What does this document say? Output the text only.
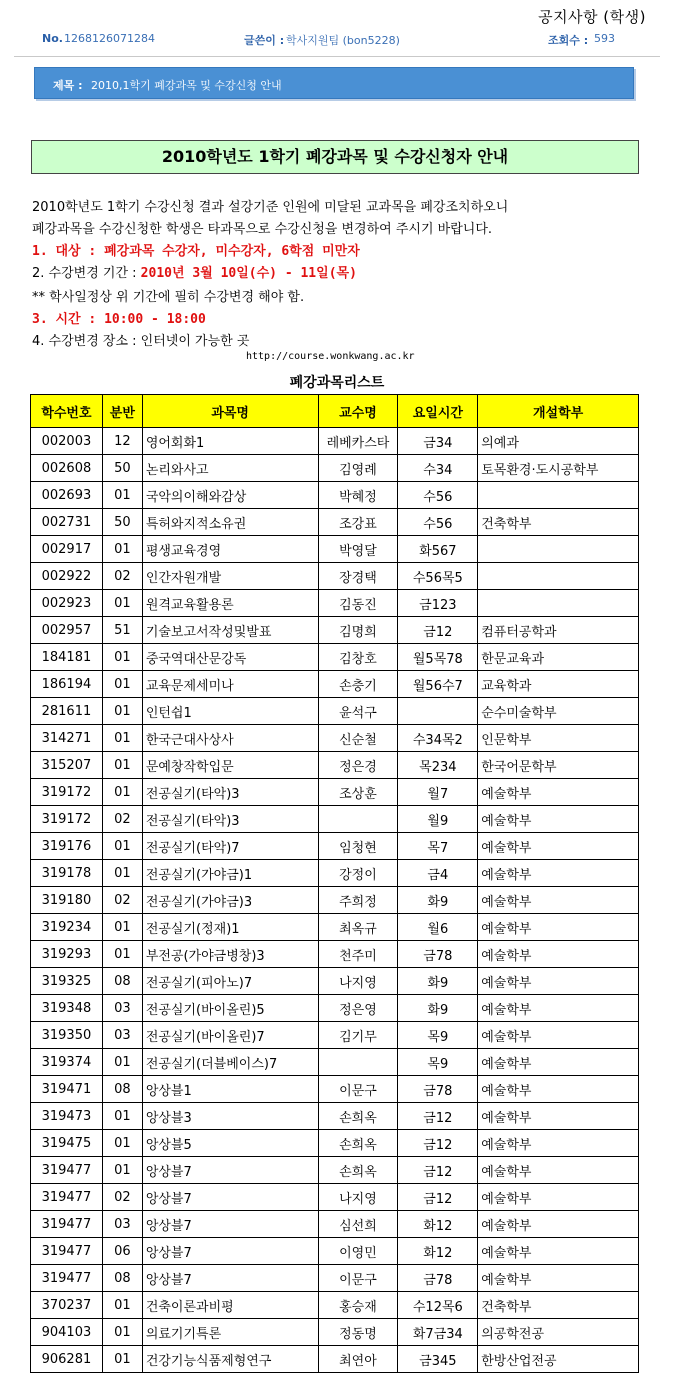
공지사항 (학생)
No. 1268126071284	글쓴이 : 학사지원팀 (bon5228)	조회수 : 593
제목 : 2010,1학기 폐강과목 및 수강신청 안내
2010학년도 1학기 폐강과목 및 수강신청자 안내
2010학년도 1학기 수강신청 결과 설강기준 인원에 미달된 교과목을 폐강조치하오니
폐강과목을 수강신청한 학생은 타과목으로 수강신청을 변경하여 주시기 바랍니다.
1. 대상 : 폐강과목 수강자, 미수강자, 6학점 미만자
2. 수강변경 기간 : 2010년 3월 10일(수) - 11일(목)
** 학사일정상 위 기간에 필히 수강변경 해야 함.
3. 시간 : 10:00 - 18:00
4. 수강변경 장소 : 인터넷이 가능한 곳
http://course.wonkwang.ac.kr
폐강과목리스트
학수번호	분반	과목명	교수명	요일시간	개설학부
002003	12	영어회화1	레베카스타	금34	의예과
002608	50	논리와사고	김영례	수34	토목환경·도시공학부
002693	01	국악의이해와감상	박혜정	수56	
002731	50	특허와지적소유권	조강표	수56	건축학부
002917	01	평생교육경영	박영달	화567	
002922	02	인간자원개발	장경택	수56목5	
002923	01	원격교육활용론	김동진	금123	
002957	51	기술보고서작성및발표	김명희	금12	컴퓨터공학과
184181	01	중국역대산문강독	김창호	월5목78	한문교육과
186194	01	교육문제세미나	손충기	월56수7	교육학과
281611	01	인턴쉽1	윤석구		순수미술학부
314271	01	한국근대사상사	신순철	수34목2	인문학부
315207	01	문예창작학입문	정은경	목234	한국어문학부
319172	01	전공실기(타악)3	조상훈	월7	예술학부
319172	02	전공실기(타악)3		월9	예술학부
319176	01	전공실기(타악)7	임청현	목7	예술학부
319178	01	전공실기(가야금)1	강정이	금4	예술학부
319180	02	전공실기(가야금)3	주희정	화9	예술학부
319234	01	전공실기(정재)1	최옥규	월6	예술학부
319293	01	부전공(가야금병창)3	천주미	금78	예술학부
319325	08	전공실기(피아노)7	나지영	화9	예술학부
319348	03	전공실기(바이올린)5	정은영	화9	예술학부
319350	03	전공실기(바이올린)7	김기무	목9	예술학부
319374	01	전공실기(더블베이스)7		목9	예술학부
319471	08	앙상블1	이문구	금78	예술학부
319473	01	앙상블3	손희옥	금12	예술학부
319475	01	앙상블5	손희옥	금12	예술학부
319477	01	앙상블7	손희옥	금12	예술학부
319477	02	앙상블7	나지영	금12	예술학부
319477	03	앙상블7	심선희	화12	예술학부
319477	06	앙상블7	이영민	화12	예술학부
319477	08	앙상블7	이문구	금78	예술학부
370237	01	건축이론과비평	홍승재	수12목6	건축학부
904103	01	의료기기특론	정동명	화7금34	의공학전공
906281	01	건강기능식품제형연구	최연아	금345	한방산업전공
